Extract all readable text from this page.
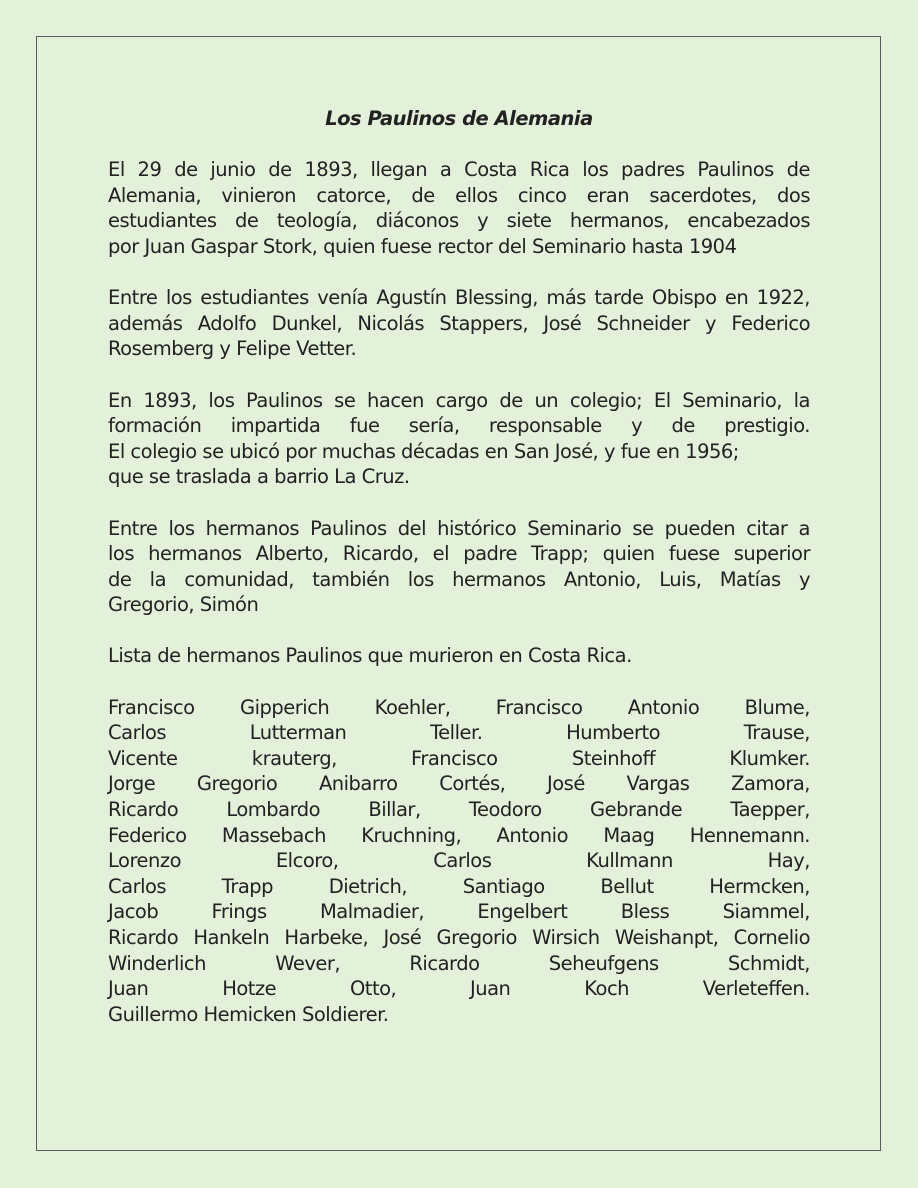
Los Paulinos de Alemania
El 29 de junio de 1893, llegan a Costa Rica los padres Paulinos de
Alemania, vinieron catorce, de ellos cinco eran sacerdotes, dos
estudiantes de teología, diáconos y siete hermanos, encabezados
por Juan Gaspar Stork, quien fuese rector del Seminario hasta 1904
Entre los estudiantes venía Agustín Blessing, más tarde Obispo en 1922,
además Adolfo Dunkel, Nicolás Stappers, José Schneider y Federico
Rosemberg y Felipe Vetter.
En 1893, los Paulinos se hacen cargo de un colegio; El Seminario, la
formación impartida fue sería, responsable y de prestigio.
El colegio se ubicó por muchas décadas en San José, y fue en 1956;
que se traslada a barrio La Cruz.
Entre los hermanos Paulinos del histórico Seminario se pueden citar a
los hermanos Alberto, Ricardo, el padre Trapp; quien fuese superior
de la comunidad, también los hermanos Antonio, Luis, Matías y
Gregorio, Simón
Lista de hermanos Paulinos que murieron en Costa Rica.
Francisco Gipperich Koehler, Francisco Antonio Blume,
Carlos Lutterman Teller. Humberto Trause,
Vicente krauterg, Francisco Steinhoff Klumker.
Jorge Gregorio Anibarro Cortés, José Vargas Zamora,
Ricardo Lombardo Billar, Teodoro Gebrande Taepper,
Federico Massebach Kruchning, Antonio Maag Hennemann.
Lorenzo Elcoro, Carlos Kullmann Hay,
Carlos Trapp Dietrich, Santiago Bellut Hermcken,
Jacob Frings Malmadier, Engelbert Bless Siammel,
Ricardo Hankeln Harbeke, José Gregorio Wirsich Weishanpt, Cornelio
Winderlich Wever, Ricardo Seheufgens Schmidt,
Juan Hotze Otto, Juan Koch Verleteffen.
Guillermo Hemicken Soldierer.
